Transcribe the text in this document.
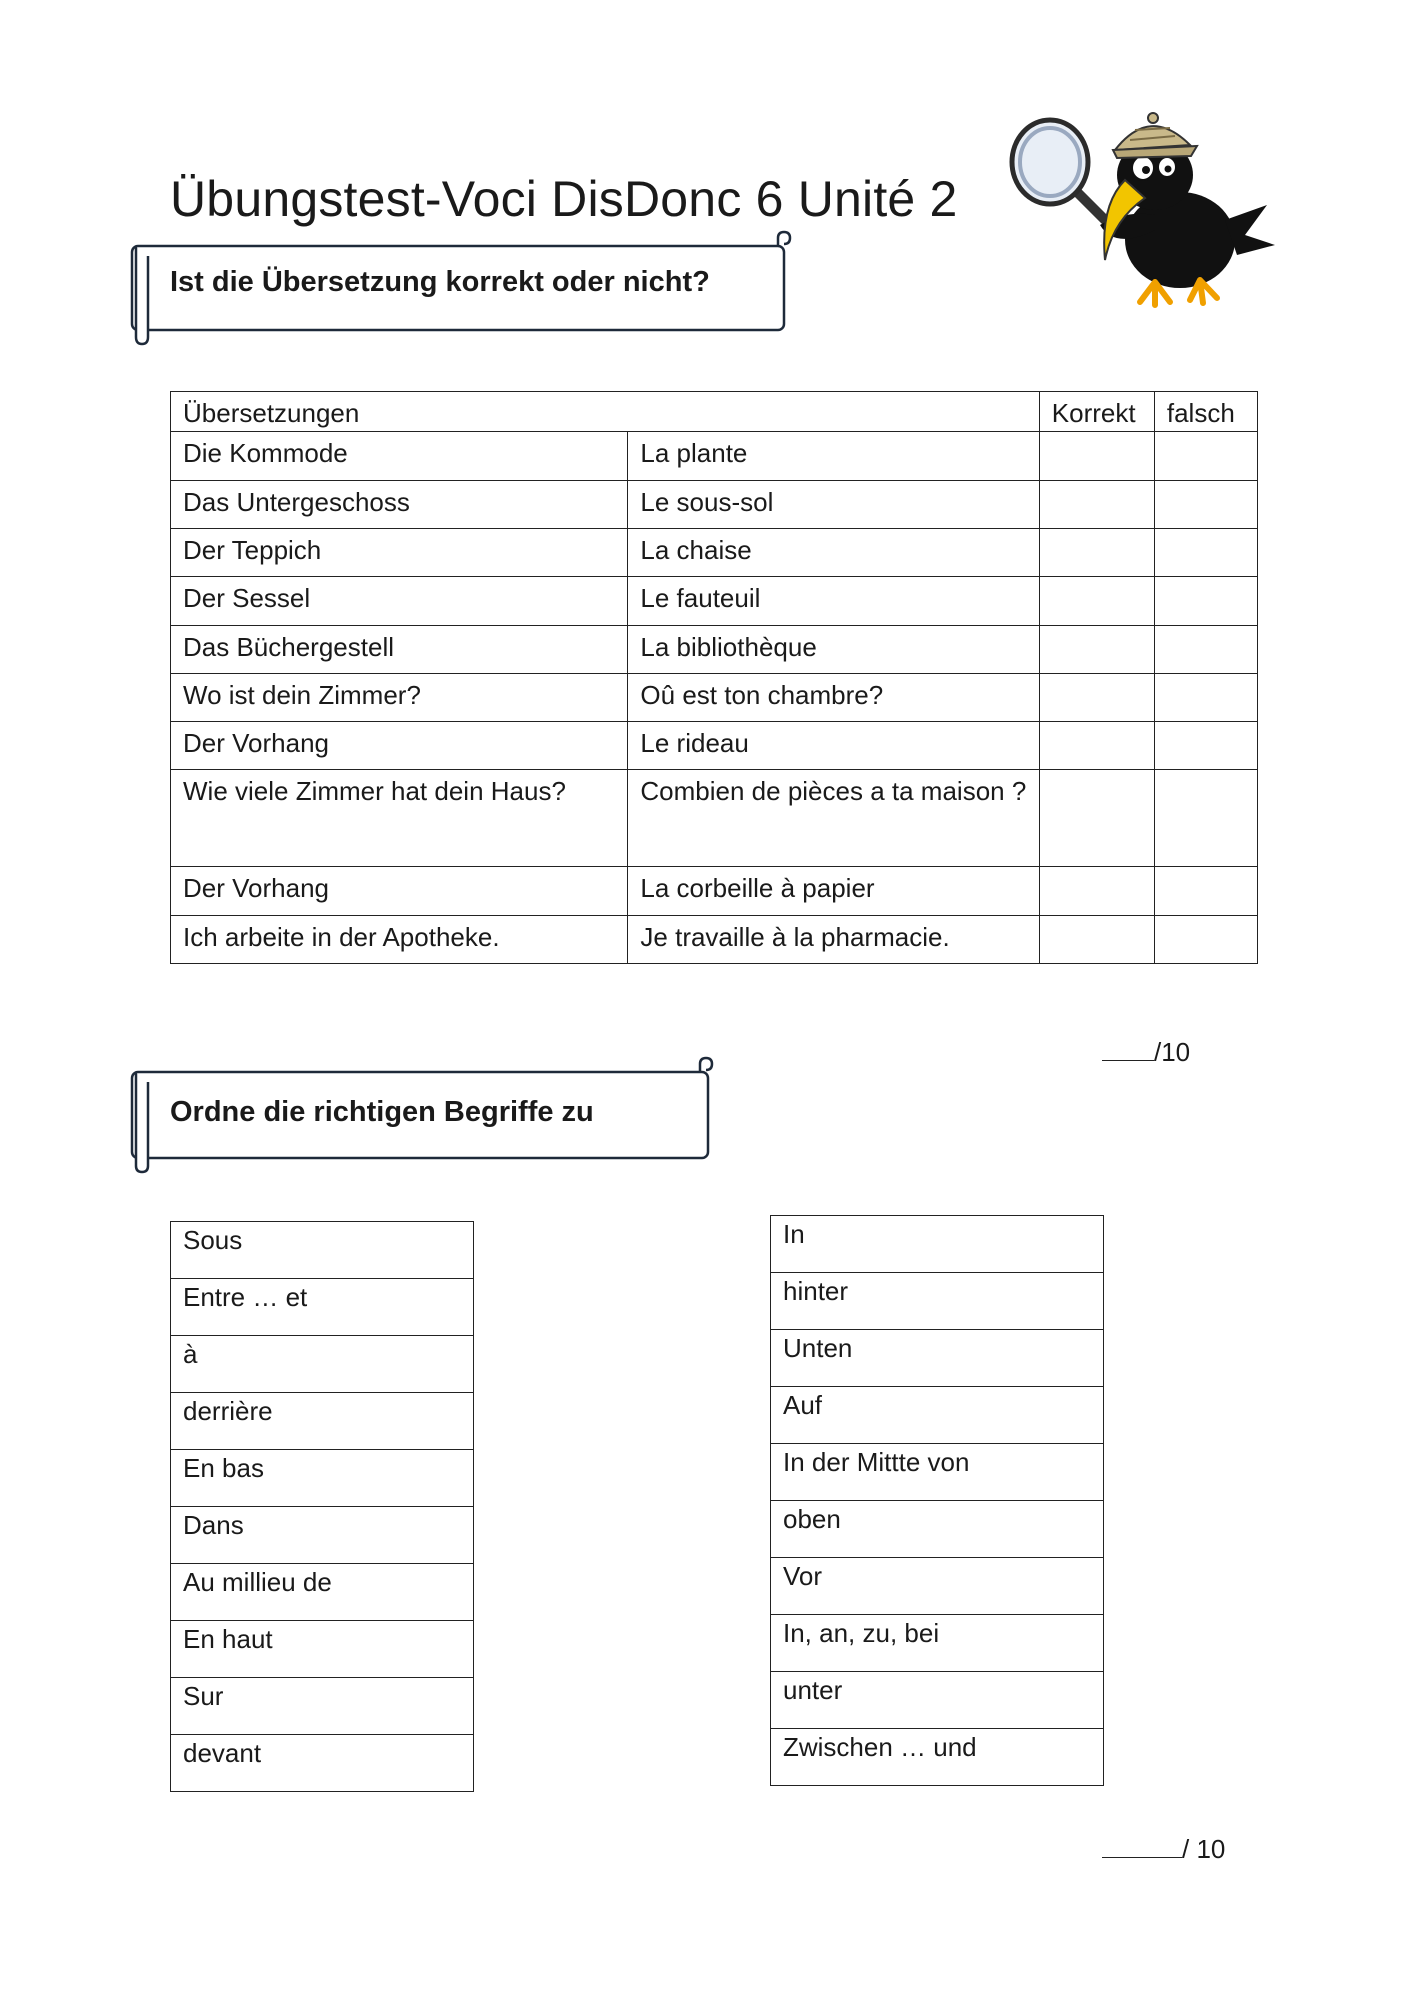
Übungstest-Voci DisDonc 6 Unité 2
Ist die Übersetzung korrekt oder nicht?
Übersetzungen		Korrekt	falsch
Die Kommode	La plante		
Das Untergeschoss	Le sous-sol		
Der Teppich	La chaise		
Der Sessel	Le fauteuil		
Das Büchergestell	La bibliothèque		
Wo ist dein Zimmer?	Oû est ton chambre?		
Der Vorhang	Le rideau		
Wie viele Zimmer hat dein Haus?	Combien de pièces a ta maison ?		
Der Vorhang	La corbeille à papier		
Ich arbeite in der Apotheke.	Je travaille à la pharmacie.		
/10
Ordne die richtigen Begriffe zu
Sous
Entre … et
à
derrière
En bas
Dans
Au millieu de
En haut
Sur
devant
In
hinter
Unten
Auf
In der Mittte von
oben
Vor
In, an, zu, bei
unter
Zwischen … und
/ 10
